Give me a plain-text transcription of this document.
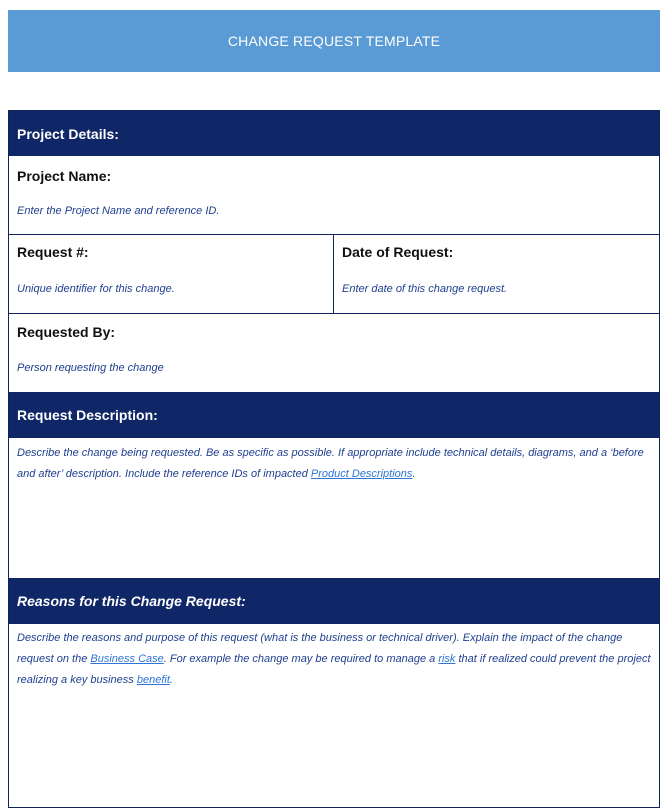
CHANGE REQUEST TEMPLATE
Project Details:
Project Name:
Enter the Project Name and reference ID.
Request #:
Unique identifier for this change.
Date of Request:
Enter date of this change request.
Requested By:
Person requesting the change
Request Description:
Describe the change being requested. Be as specific as possible. If appropriate include technical details, diagrams, and a ‘before and after’ description. Include the reference IDs of impacted Product Descriptions.
Reasons for this Change Request:
Describe the reasons and purpose of this request (what is the business or technical driver). Explain the impact of the change request on the Business Case. For example the change may be required to manage a risk that if realized could prevent the project realizing a key business benefit.
